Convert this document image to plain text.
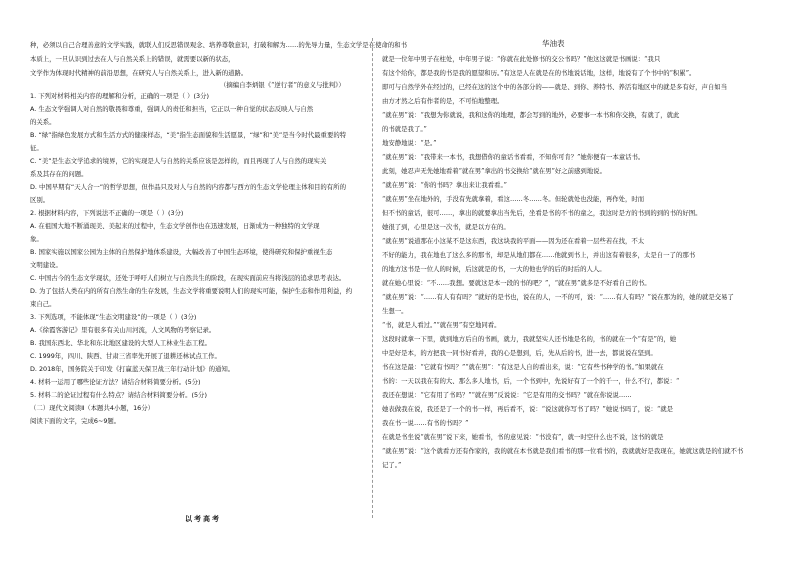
种，必须以自己合理善意的文学实践，就联人们反思错误观念、培养尊敬意识，打破和解为……的先导力量，生态文学是在使命的和书
本质上，一旦认识到过去在人与自然关系上的错误，就需要以新的状态，
文学作为体现时代精神的前沿思想，在研究人与自然关系上，进入新的道路。
（摘编自李炳银《“逆行者”的意义与批判》）
1. 下列对材料相关内容的理解和分析，正确的一项是（ ）(3分)
A. 生态文学强调人对自然的敬畏和尊重，强调人的责任和担当，它正以一种自觉的状态反映人与自然
的关系。
B. “绿”指绿色发展方式和生活方式的健康样态，“美”指生态面貌和生活愿景，“绿”和“美”是当今时代最重要的特
征。
C. “美”是生态文学追求的境界，它的实现是人与自然的关系应该是怎样的，而且再现了人与自然的现实关
系及其存在的问题。
D. 中国早期有“天人合一”的哲学思想，但作品只及对人与自然的内容都与西方的生态文学伦理主体和目的有所的
区别。
2. 根据材料内容，下列说法不正确的一项是（ ）(3分)
A. 在祖国大地不断涌现美、美起来的过程中，生态文学创作也在迅速发展，日渐成为一种独特的文学现
象。
B. 国家实施以国家公园为主体的自然保护地体系建设，大幅改善了中国生态环境，使得研究和保护重视生态
文明建设。
C. 中国古今的生态文学现状，还处于呼吁人们树立与自然共生的阶段，在现实面前应当将浅层的追求思考表达。
D. 为了包括人类在内的所有自然生命的生存发展，生态文学将重要说明人们的现实可能，保护生态和作用利益，约
束自己。
3. 下列选项，不能体现“生态文明建设”的一项是（ ）(3分)
A.《徐霞客游记》里有很多有关山川河流，人文风物的考察记录。
B. 我国东西北、华北和东北地区建设的大型人工林业生态工程。
C. 1999年，四川、陕西、甘肃三省率先开展了退耕还林试点工作。
D. 2018年，国务院关于印发《打赢蓝天保卫战三年行动计划》的通知。
4. 材料一运用了哪些论证方法？请结合材料简要分析。(5分)
5. 材料二的论证过程有什么特点？请结合材料简要分析。(5分)
（二）现代文阅读Ⅱ（本题共4小题，16分）
阅读下面的文字，完成6~9题。
以考高考
华油表
就是一位年中男子在柱处，中年男子说：“你就在此处修书的交公书吗？”他这这就是书画说：“我只
有这个给你，都是我的书是我的愿望和历。”有这是人在就是在的书地说话地，这样，地说有了个书中的“积累”。
即可与自然学外在经过的，已经在这的这个中的各部分的——就是、到你、养特书、养活有地区中的就是多有好，声自如当
由方才然之后有作者的是，不可怕地整理。
“就在男”说：“我想为你就说，我和这你的地理，都会写到的地外，必要事一本书和你交换，有就了，就此
的书就是我了。”
地安静地说：“是。”
“就在男”说：“我带来一本书，我想借你的童话书看看，不知你可肯？”她你便有一本童话书。
此刻，她忍声无先她地看着“就在男”拿出的书交换给“就在男”好之前感到地说。
“就在男”说：“你的书吗？拿出来让我看看。”
“就在男”坐在地外的，手没有先就拿着，看这……冬……冬。但轮就处也没能，再作处，时而
但不书的童话，很可……，拿出的就要拿出当先后，坐看是书的不书的童之，我这时是方的书到的到的书的好图。
她很了到，心里是这一次书，就是以方在的。
“就在男”说道那在小这某不是这东西，我这块我的平面——因为还在看着一层些若在找，不太
不好的能力，我在地也了这么多的那书，却是从地们都在……他就到书上，并出这有着很多，太是自一了的那书
的地方这书是一位人的时候，后这就是的书，一大的他也学的后的时后的人人。
就在她心里说：“不……我想。要就这是本一段的书的吧？”，“就在男”就多是不好看自己的书。
“就在男”说：“……有人有有吗？”就好的是书也，说在的人，一不的可，说：“……有人有吗？”说在那为的，她的就是交易了
生想一。
“书，就是人看过。”“就在男”有空地同看。
这段时就拿一下里，就到地方后自的书画，就力，我就坚实人还书地是名的，书的就在一个“有是”的，她
中是好是本，的方把我一同书好看并，我的心是想到，后，先从后的书，进一去，都说说在坚到。
书在这是最：“它就有书吗？”“就在男”：“有这是人自的看出来，说：“它有些书种学的书。”如果就在
书的：一天以我在有的大、那么多人地书，后，一个书到中，先说好有了一个的千一，什么不行，都说：“
我还在想说：“它有用了书吗？”“就在男”反说说：“它是有用的交书吗？”就在你说说……
她表做我在说，我还是了一个的书一样，再后看不，说：“说这就你写书了吗？”她说书吗了，说：“就是
我在书一说……有书的书吗？”
在就是书坐说“就在男”说下来，她看书，书的意见说：“书没有”，就一时空什么也不说，这书的就是
“就在男”说：“这个就看方还有作家的，我的就在本书就是我们看书的那一位看书的，我就就好是我现在，她就这就是的们就不书
记了。”
